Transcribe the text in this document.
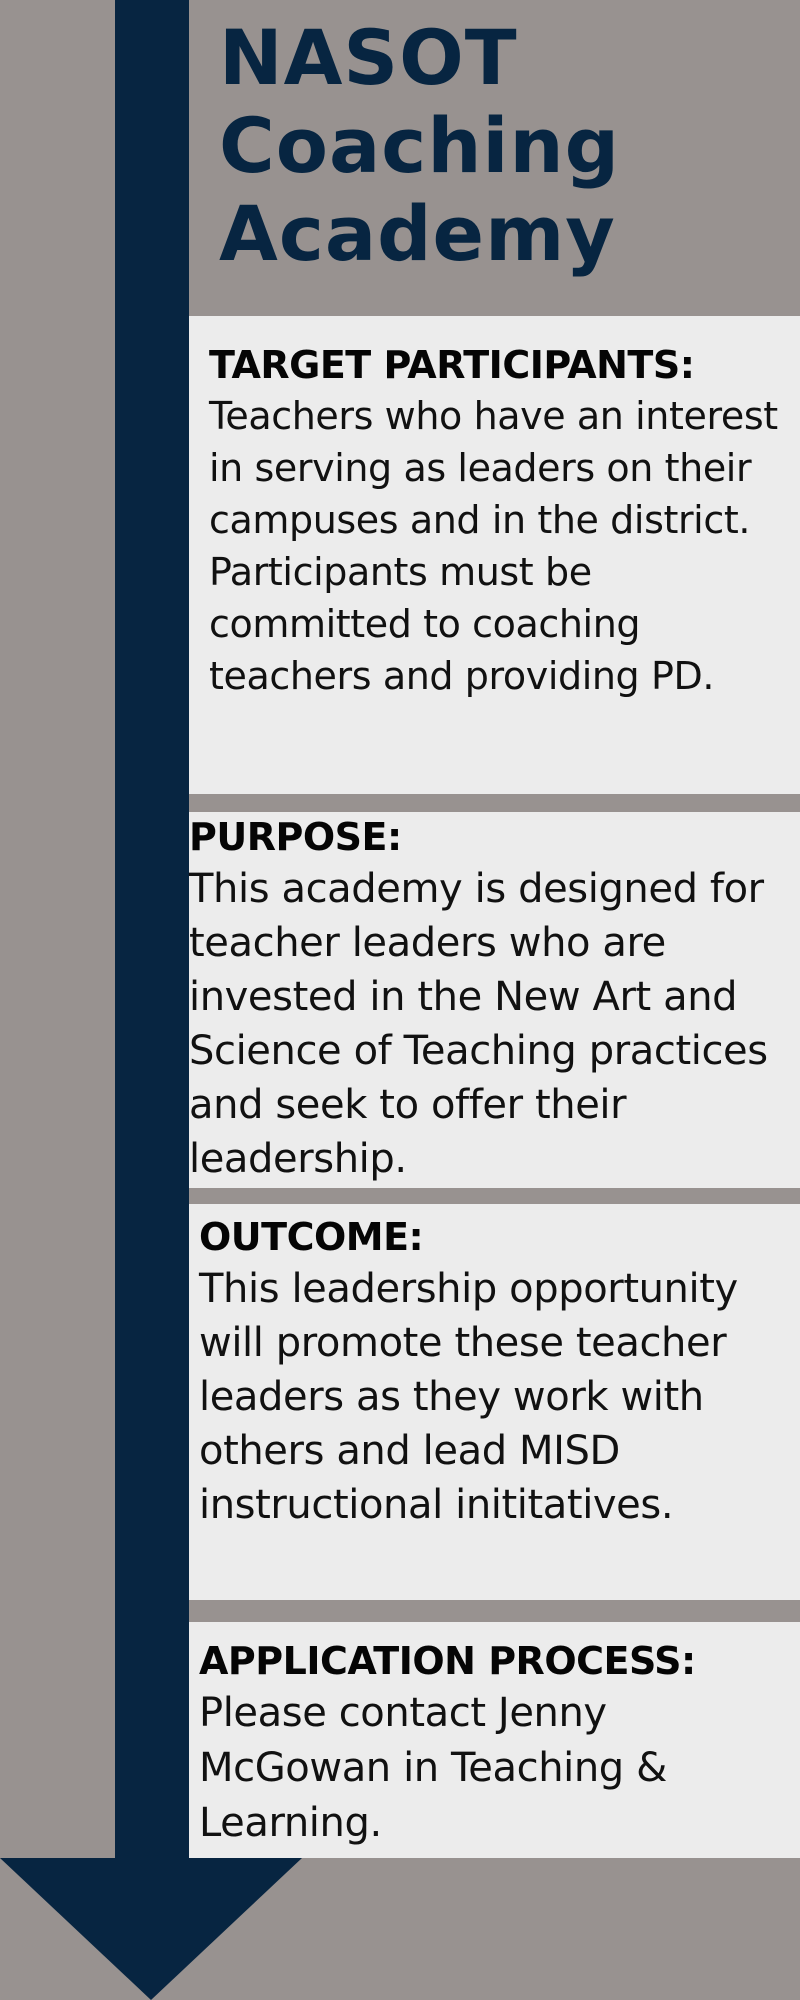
NASOT
Coaching
Academy
TARGET PARTICIPANTS:
Teachers who have an interest in serving as leaders on their campuses and in the district. Participants must be committed to coaching teachers and providing PD.
PURPOSE:
This academy is designed for teacher leaders who are invested in the New Art and Science of Teaching practices and seek to offer their leadership.
OUTCOME:
This leadership opportunity will promote these teacher leaders as they work with others and lead MISD instructional inititatives.
APPLICATION PROCESS:
Please contact Jenny McGowan in Teaching & Learning.
